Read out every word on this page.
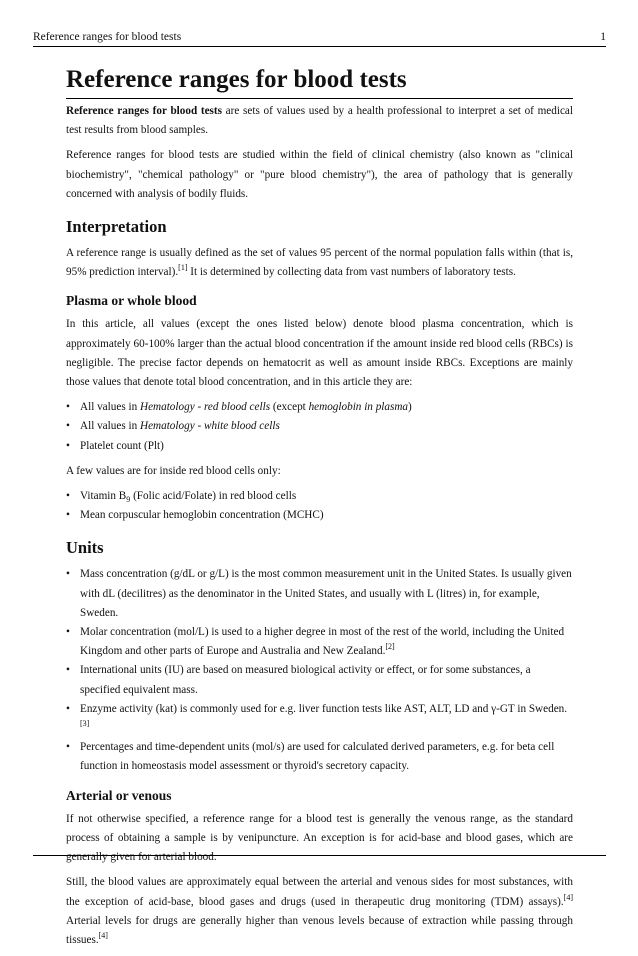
Reference ranges for blood tests	1
Reference ranges for blood tests

Reference ranges for blood tests are sets of values used by a health professional to interpret a set of medical test results from blood samples.

Reference ranges for blood tests are studied within the field of clinical chemistry (also known as "clinical biochemistry", "chemical pathology" or "pure blood chemistry"), the area of pathology that is generally concerned with analysis of bodily fluids.

Interpretation

A reference range is usually defined as the set of values 95 percent of the normal population falls within (that is, 95% prediction interval).[1] It is determined by collecting data from vast numbers of laboratory tests.

Plasma or whole blood

In this article, all values (except the ones listed below) denote blood plasma concentration, which is approximately 60-100% larger than the actual blood concentration if the amount inside red blood cells (RBCs) is negligible. The precise factor depends on hematocrit as well as amount inside RBCs. Exceptions are mainly those values that denote total blood concentration, and in this article they are:

• All values in Hematology - red blood cells (except hemoglobin in plasma)
• All values in Hematology - white blood cells
• Platelet count (Plt)

A few values are for inside red blood cells only:

• Vitamin $B_9$ (Folic acid/Folate) in red blood cells
• Mean corpuscular hemoglobin concentration (MCHC)
Units
• Mass concentration (g/dL or g/L) is the most common measurement unit in the United States. Is usually given with dL (decilitres) as the denominator in the United States, and usually with L (litres) in, for example, Sweden.
• Molar concentration (mol/L) is used to a higher degree in most of the rest of the world, including the United Kingdom and other parts of Europe and Australia and New Zealand.[2]
• International units (IU) are based on measured biological activity or effect, or for some substances, a specified equivalent mass.
• Enzyme activity (kat) is commonly used for e.g. liver function tests like AST, ALT, LD and γ-GT in Sweden.[3]
• Percentages and time-dependent units (mol/s) are used for calculated derived parameters, e.g. for beta cell function in homeostasis model assessment or thyroid's secretory capacity.
Arterial or venous

If not otherwise specified, a reference range for a blood test is generally the venous range, as the standard process of obtaining a sample is by venipuncture. An exception is for acid-base and blood gases, which are generally given for arterial blood.

Still, the blood values are approximately equal between the arterial and venous sides for most substances, with the exception of acid-base, blood gases and drugs (used in therapeutic drug monitoring (TDM) assays).[4] Arterial levels for drugs are generally higher than venous levels because of extraction while passing through tissues.[4]
